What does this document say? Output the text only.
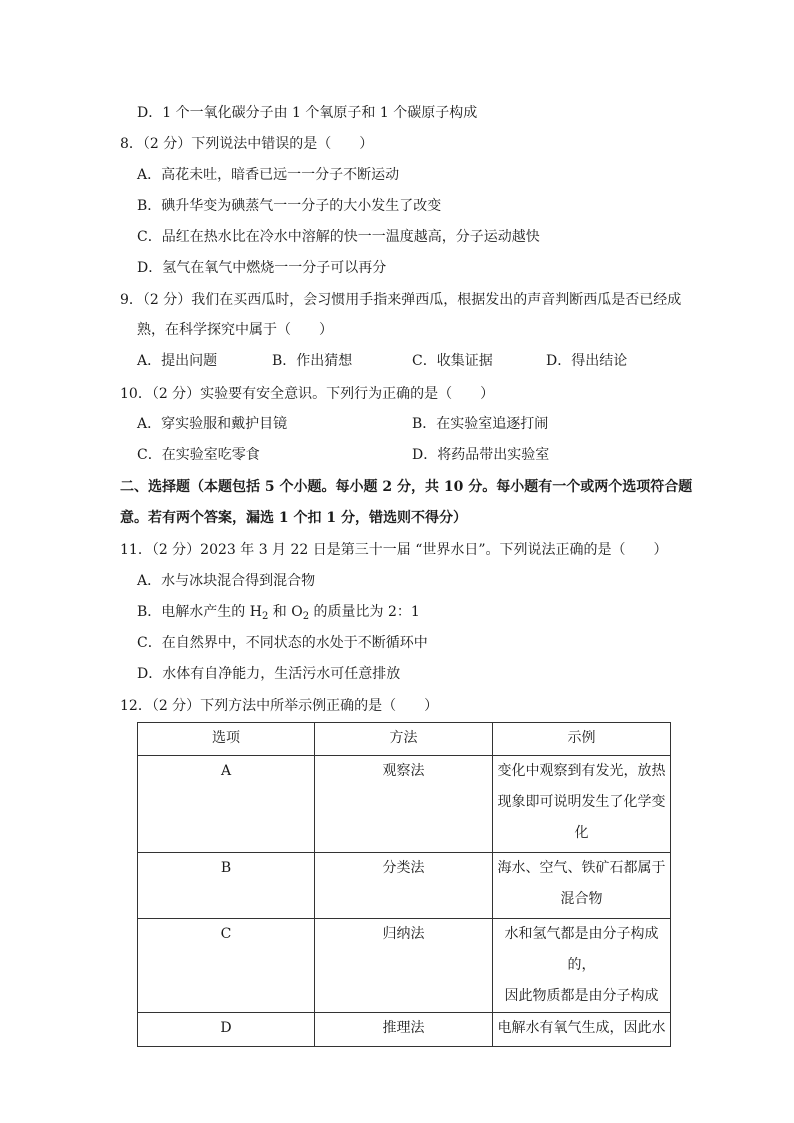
D．1 个一氧化碳分子由 1 个氧原子和 1 个碳原子构成
8．（2 分）下列说法中错误的是（　　）
A．高花未吐，暗香已远一一分子不断运动
B．碘升华变为碘蒸气一一分子的大小发生了改变
C．品红在热水比在冷水中溶解的快一一温度越高，分子运动越快
D．氢气在氧气中燃烧一一分子可以再分
9．（2 分）我们在买西瓜时，会习惯用手指来弹西瓜，根据发出的声音判断西瓜是否已经成
熟，在科学探究中属于（　　）
A．提出问题	B．作出猜想	C．收集证据	D．得出结论
10．（2 分）实验要有安全意识。下列行为正确的是（　　）
A．穿实验服和戴护目镜	B．在实验室追逐打闹
C．在实验室吃零食	D．将药品带出实验室
二、选择题（本题包括 5 个小题。每小题 2 分，共 10 分。每小题有一个或两个选项符合题
意。若有两个答案，漏选 1 个扣 1 分，错选则不得分）
11．（2 分）2023 年 3 月 22 日是第三十一届 “世界水日”。下列说法正确的是（　　）
A．水与冰块混合得到混合物
B．电解水产生的 $H_2$ 和 $O_2$ 的质量比为 2：1
C．在自然界中，不同状态的水处于不断循环中
D．水体有自净能力，生活污水可任意排放
12．（2 分）下列方法中所举示例正确的是（　　）
选项	方法	示例
A	观察法	变化中观察到有发光，放热
现象即可说明发生了化学变
化

B	分类法	海水、空气、铁矿石都属于
混合物

C	归纳法	水和氢气都是由分子构成的，
因此物质都是由分子构成

D	推理法	电解水有氧气生成，因此水
